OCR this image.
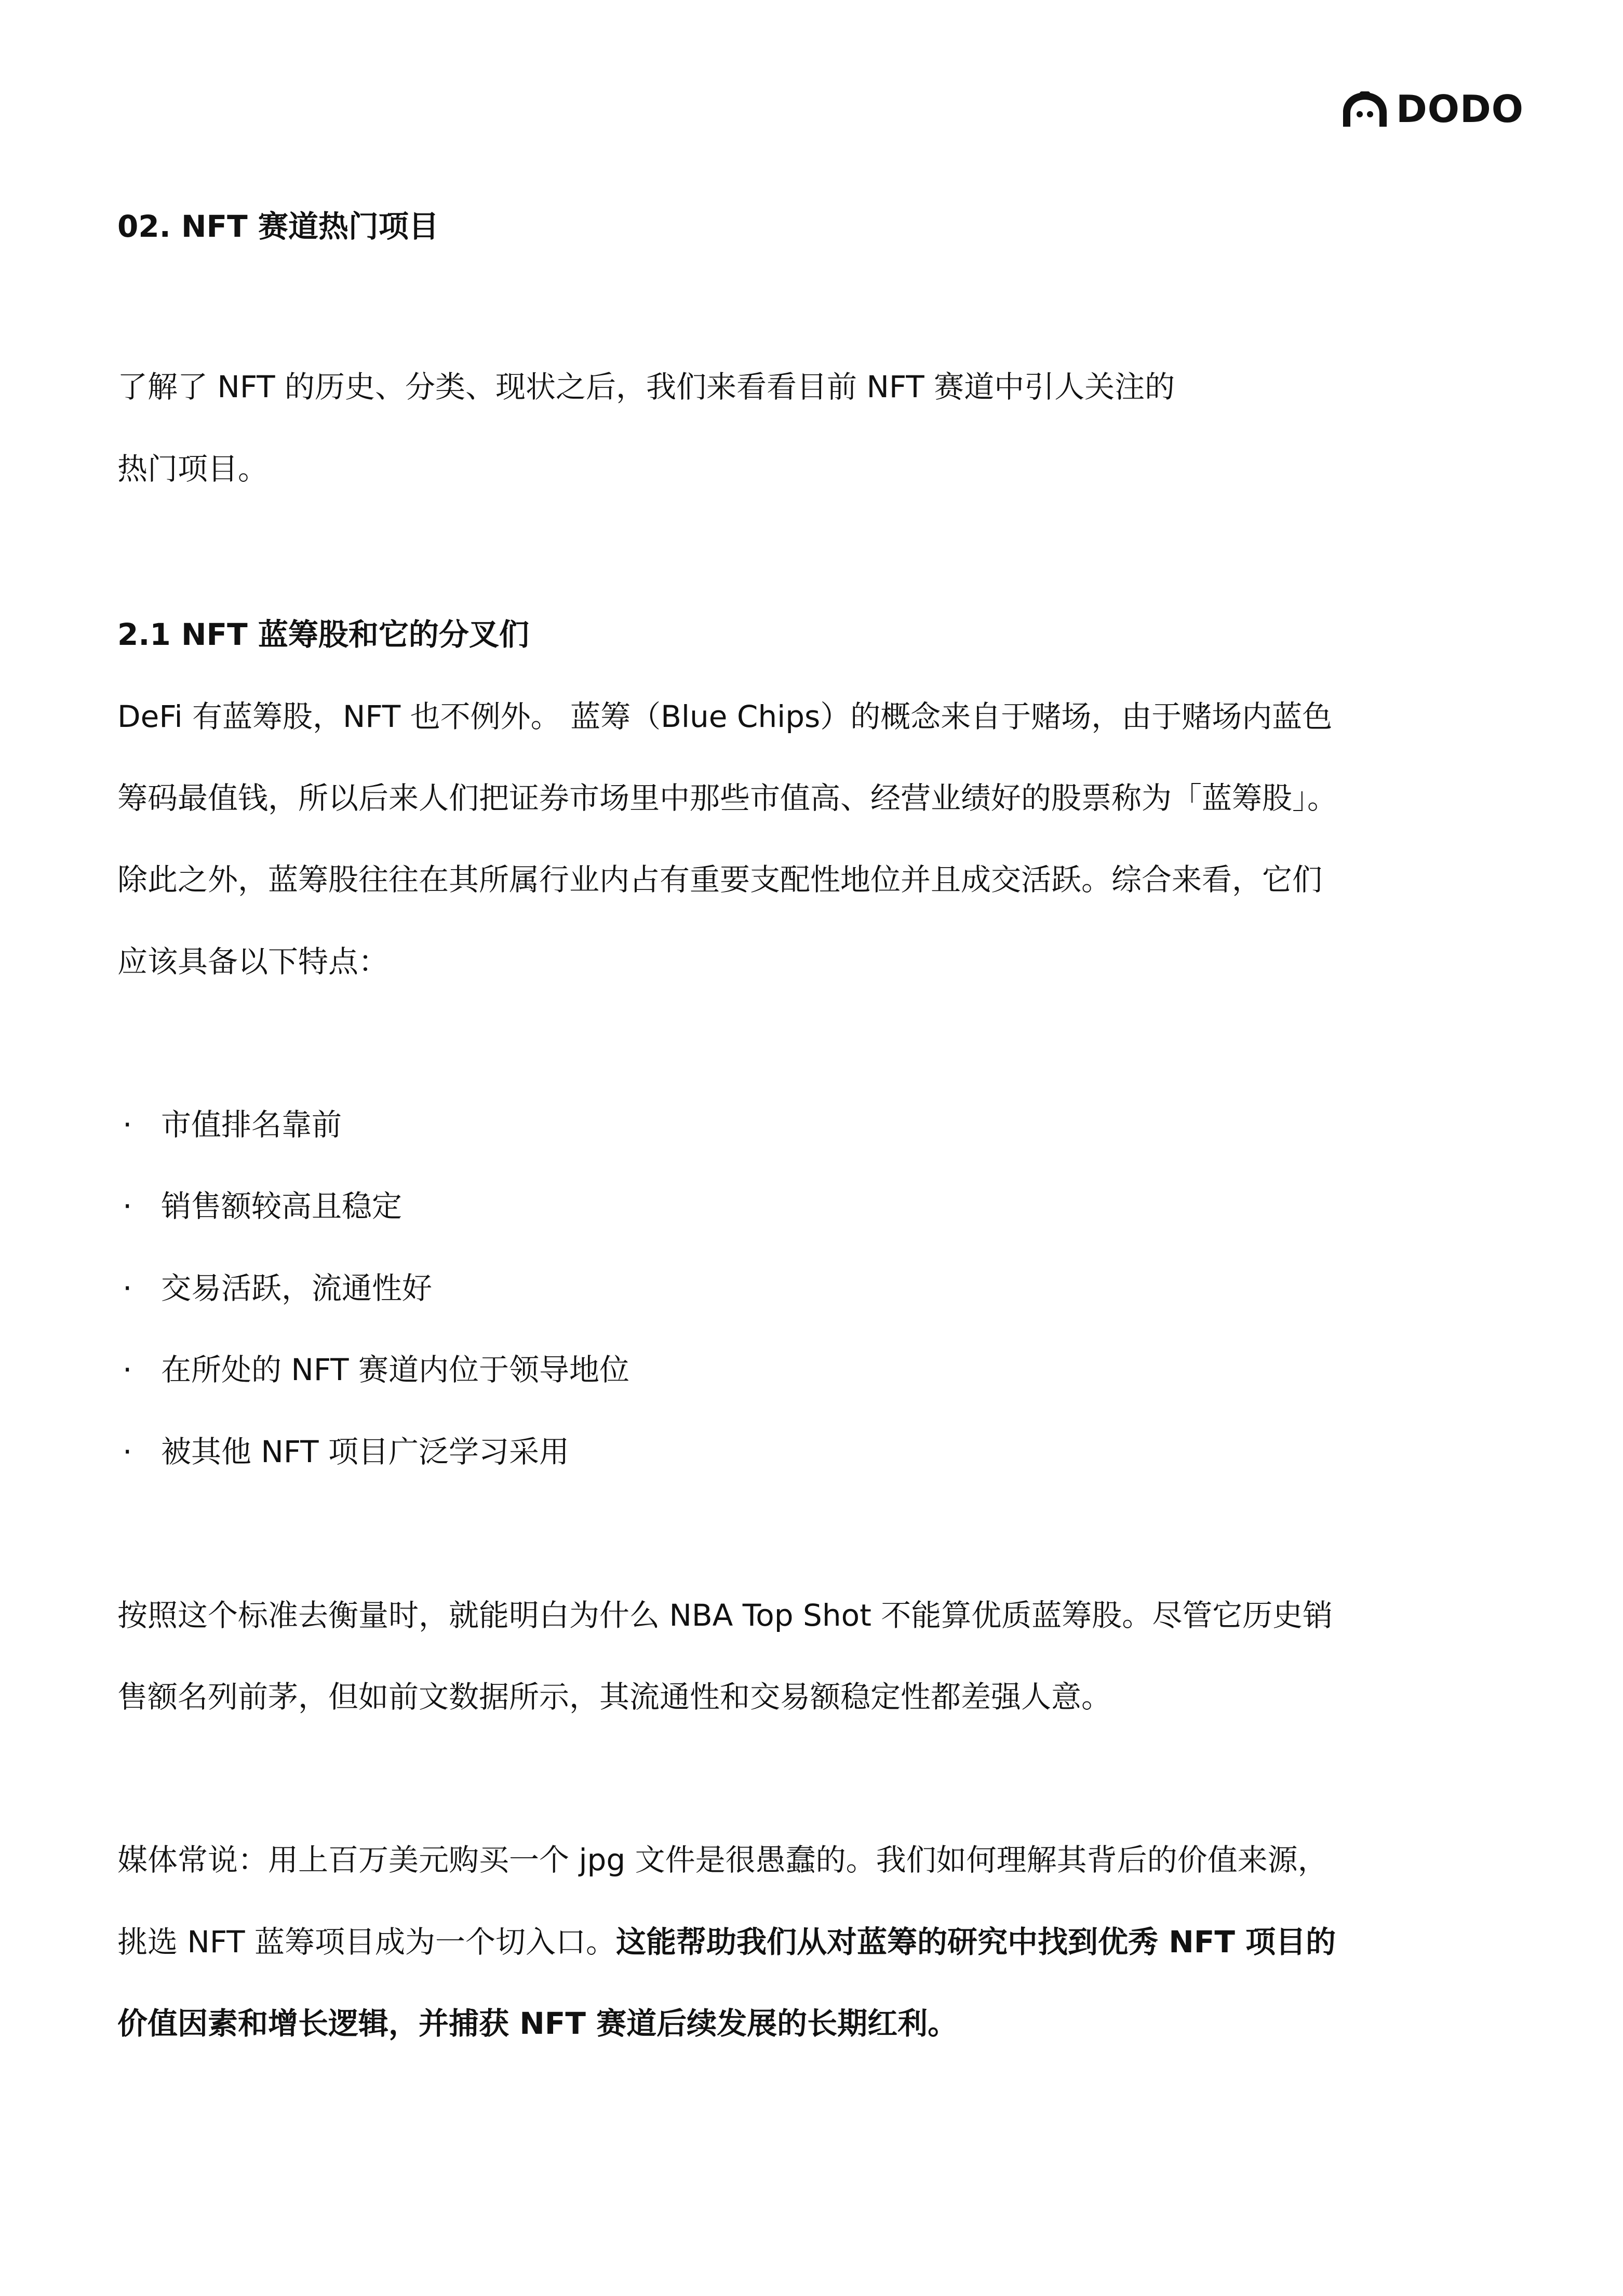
DODO
02. NFT 赛道热门项目
了解了 NFT 的历史、分类、现状之后，我们来看看目前 NFT 赛道中引人关注的
热门项目。
2.1 NFT 蓝筹股和它的分叉们
DeFi 有蓝筹股，NFT 也不例外。 蓝筹（Blue Chips）的概念来自于赌场，由于赌场内蓝色
筹码最值钱，所以后来人们把证券市场里中那些市值高、经营业绩好的股票称为「蓝筹股」。
除此之外，蓝筹股往往在其所属行业内占有重要支配性地位并且成交活跃。综合来看，它们
应该具备以下特点：
· 市值排名靠前
· 销售额较高且稳定
· 交易活跃，流通性好
· 在所处的 NFT 赛道内位于领导地位
· 被其他 NFT 项目广泛学习采用
按照这个标准去衡量时，就能明白为什么 NBA Top Shot 不能算优质蓝筹股。尽管它历史销
售额名列前茅，但如前文数据所示，其流通性和交易额稳定性都差强人意。
媒体常说：用上百万美元购买一个 jpg 文件是很愚蠢的。我们如何理解其背后的价值来源，
挑选 NFT 蓝筹项目成为一个切入口。这能帮助我们从对蓝筹的研究中找到优秀 NFT 项目的
价值因素和增长逻辑，并捕获 NFT 赛道后续发展的长期红利。
